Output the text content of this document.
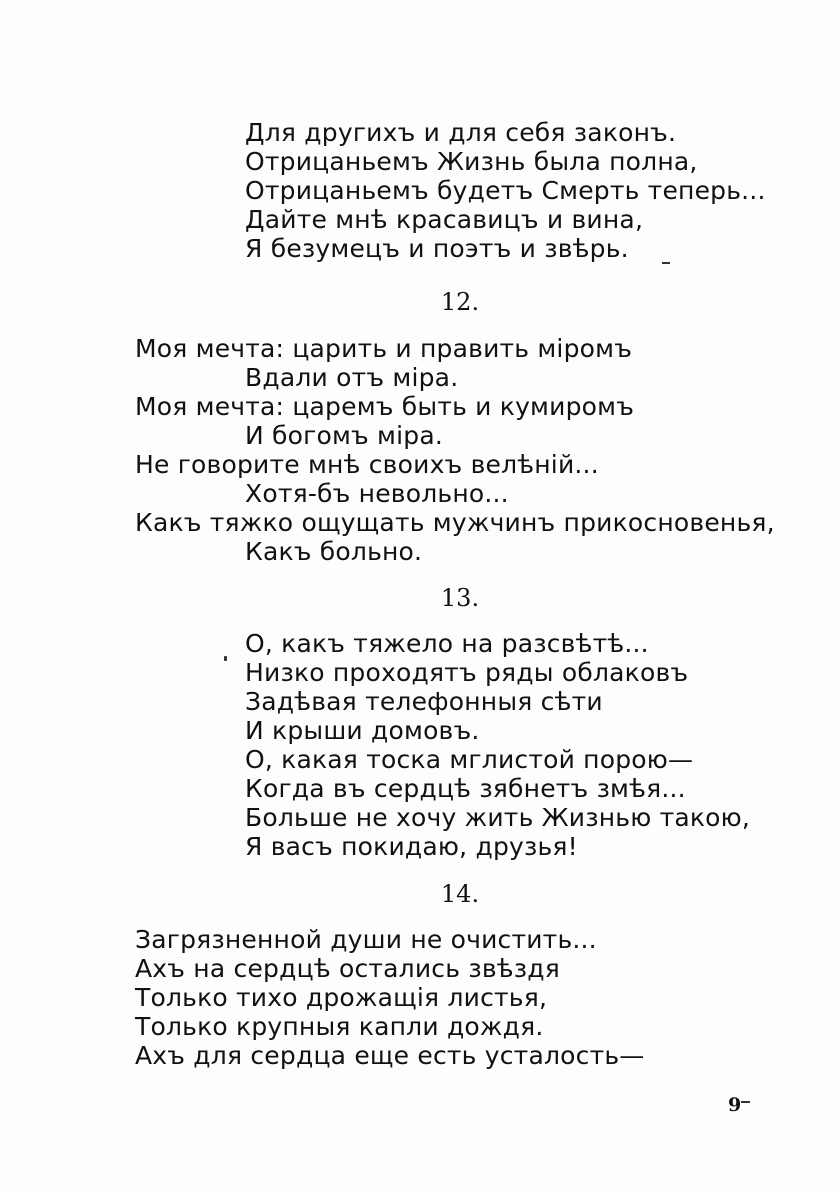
Для другихъ и для себя законъ.
Отрицаньемъ Жизнь была полна,
Отрицаньемъ будетъ Смерть теперь...
Дайте мнѣ красавицъ и вина,
Я безумецъ и поэтъ и звѣрь.
12.
Моя мечта: царить и править міромъ
Вдали отъ міра.
Моя мечта: царемъ быть и кумиромъ
И богомъ міра.
Не говорите мнѣ своихъ велѣній...
Хотя-бъ невольно...
Какъ тяжко ощущать мужчинъ прикосновенья,
Какъ больно.
13.
О, какъ тяжело на разсвѣтѣ...
Низко проходятъ ряды облаковъ
Задѣвая телефонныя сѣти
И крыши домовъ.
О, какая тоска мглистой порою—
Когда въ сердцѣ зябнетъ змѣя...
Больше не хочу жить Жизнью такою,
Я васъ покидаю, друзья!
14.
Загрязненной души не очистить...
Ахъ на сердцѣ остались звѣздя
Только тихо дрожащія листья,
Только крупныя капли дождя.
Ахъ для сердца еще есть усталость—
9
